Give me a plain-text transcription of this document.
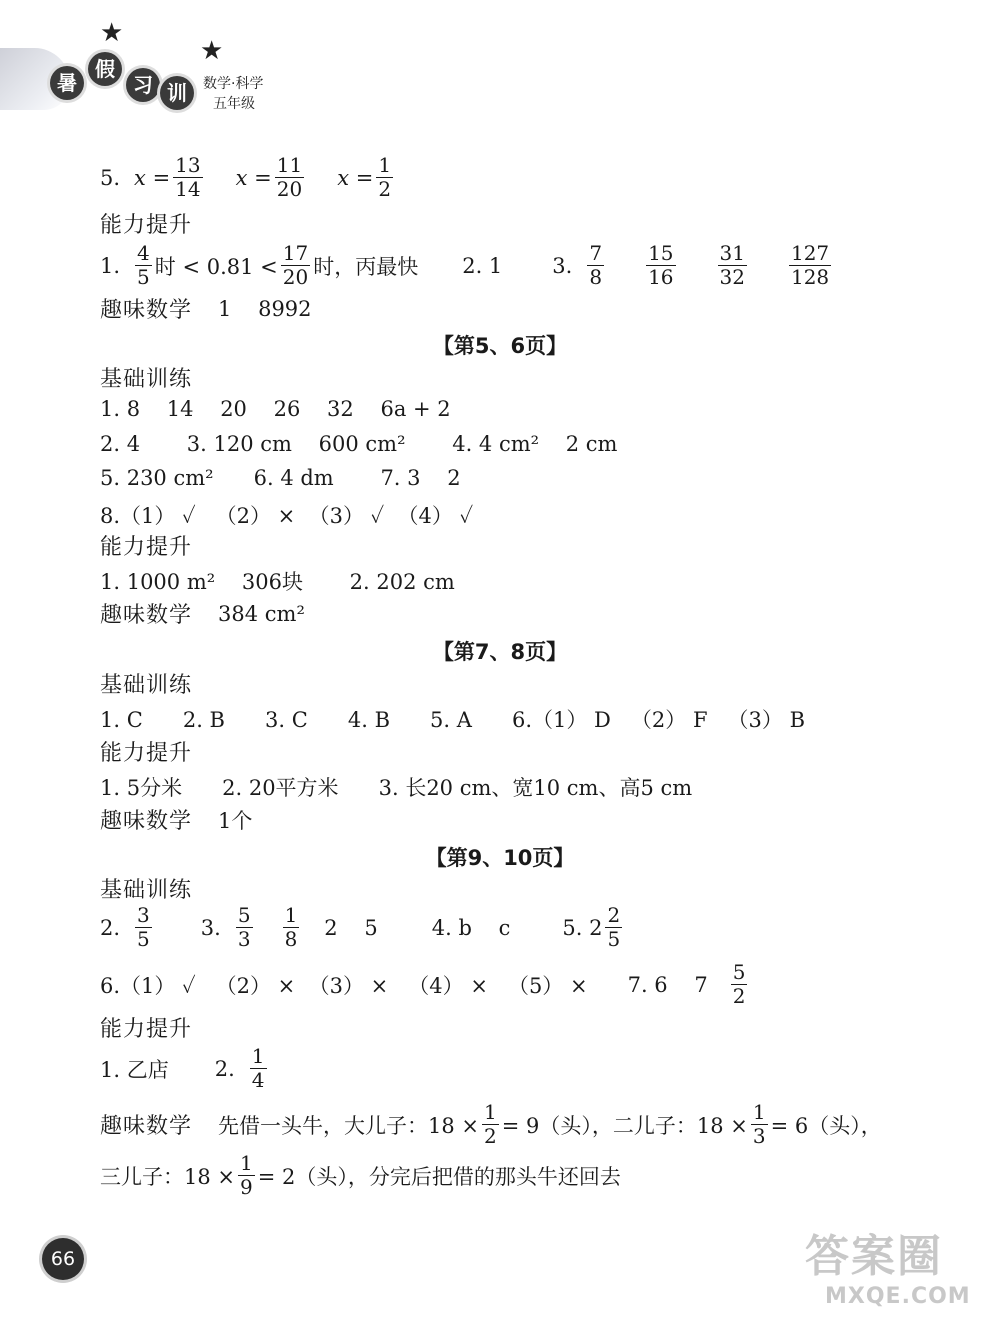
★
★
暑
假
习 训	数学·科学
五年级
5. $x = \frac{13}{14}$ $x = \frac{11}{20}$ $x = \frac{1}{2}$
能力提升
1. $\frac{4}{5}$ 时 < $0.81 < \frac{17}{20}$ 时，丙最快 2. 1 3. $\frac{7}{8} \frac{15}{16} \frac{31}{32} \frac{127}{128}$
趣味数学 1    8992
【第5、6页】
基础训练
1. 8    14    20    26    32    6a + 2
2. 4       3. 120 cm    600 cm²       4. 4 cm²    2 cm
5. 230 cm²      6. 4 dm       7. 3    2
8.（1） ✓   （2） ×  （3） ✓  （4） ✓
能力提升
1. 1000 m²    306块       2. 202 cm
趣味数学 384 cm²
【第7、8页】
基础训练
1. C      2. B      3. C      4. B      5. A      6.（1） D   （2） F   （3） B
能力提升
1. 5分米      2. 20平方米      3. 长20 cm、宽10 cm、高5 cm
趣味数学 1个
【第9、10页】
基础训练
2. $\frac{3}{5} 3$. $\frac{5}{3} \frac{1}{8} 2$    5	4. b    c 5. $2 \frac{2}{5}$
6.（1） ✓   （2） ×  （3） ×   （4） ×   （5） × 7. 6    $7 \frac{5}{2}$
能力提升
1. 乙店 2. $\frac{1}{4}$
趣味数学 先借一头牛，大儿子：$18 \times \frac{1}{2} = 9$（头），二儿子：$18 \times \frac{1}{3} = 6$（头），
三儿子：$18 \times \frac{1}{9} = 2$（头），分完后把借的那头牛还回去
66	答案圈
MXQE.COM
